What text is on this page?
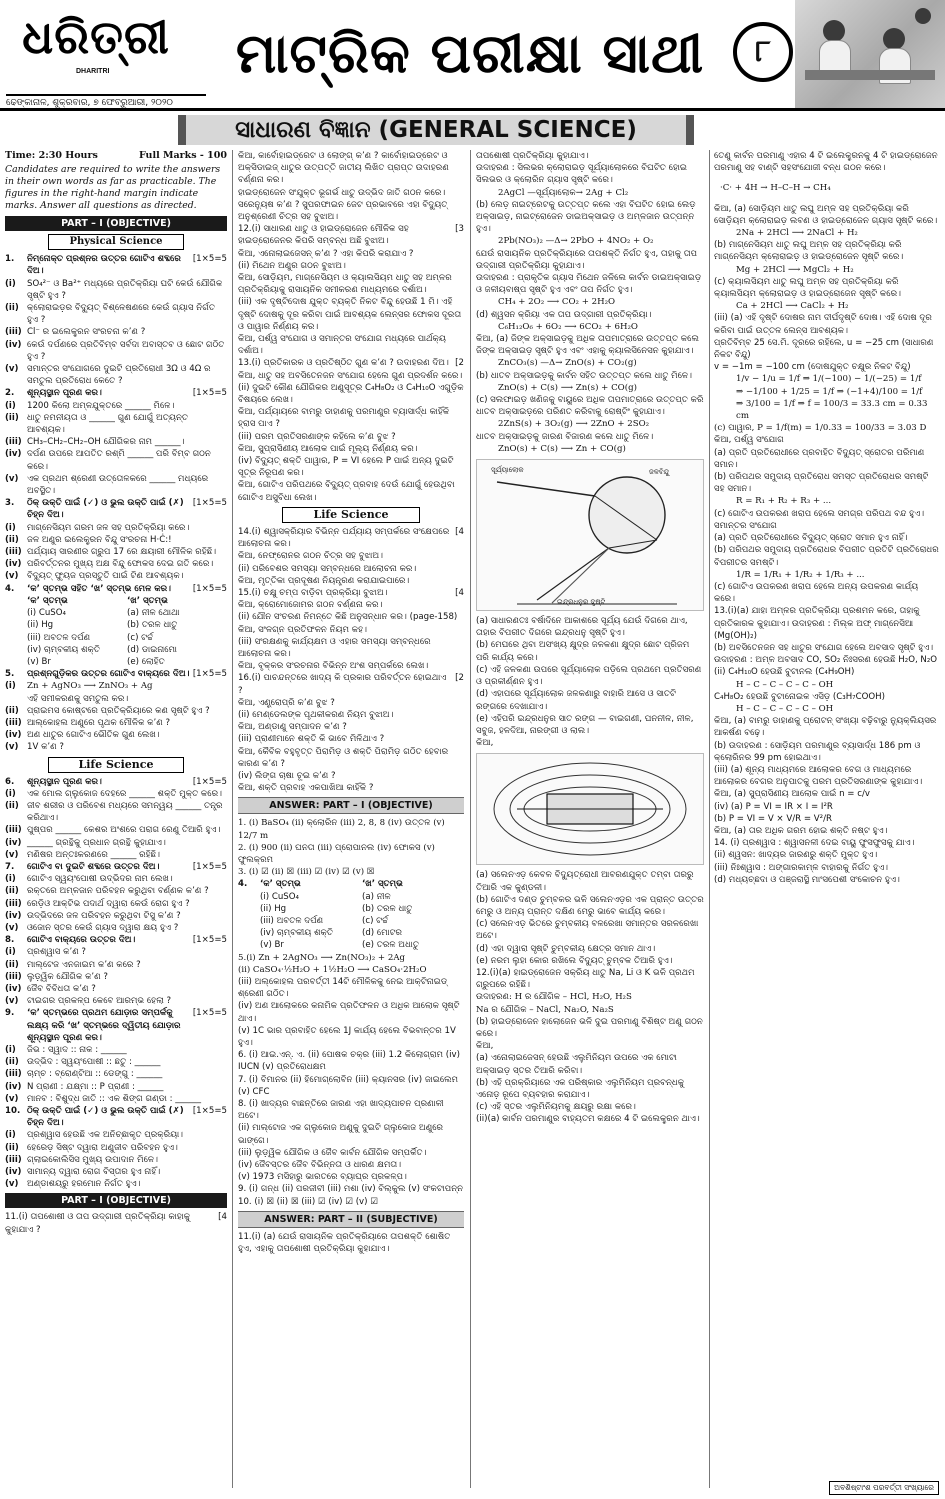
ଧରିତ୍ରୀ
DHARITRI
ଢେଙ୍କାନାଳ, ଶୁକ୍ରବାର, ୭ ଫେବ୍ରୁଆରୀ, ୨୦୨୦
ମାଟ୍ରିକ ପରୀକ୍ଷା ସାଥୀ	୮
ସାଧାରଣ ବିଜ୍ଞାନ (GENERAL SCIENCE)
Time: 2:30 Hours	Full Marks - 100
Candidates are required to write the answers in their own words as far as practicable. The figures in the right-hand margin indicate marks. Answer all questions as directed.
PART – I (OBJECTIVE)
Physical Science
1.	ନିମ୍ନୋକ୍ତ ପ୍ରଶ୍ନର ଉତ୍ତର ଗୋଟିଏ ଶବ୍ଦରେ ଦିଅ।
[1×5=5
(i)	SO₄²⁻ ଓ Ba²⁺ ମଧ୍ୟରେ ପ୍ରତିକ୍ରିୟା ଘଟି କେଉଁ ଯୌଗିକ ସୃଷ୍ଟି ହୁଏ ?
(ii) କ୍ଲୋରାଇଡ଼ର ବିଦ୍ୟୁତ୍ ବିଶ୍ଳେଷଣରେ କେଉଁ ଗ୍ୟାସ ନିର୍ଗତ ହୁଏ ?
(iii) Cl⁻ ର ଇଲେକ୍ଟ୍ରନ ସଂରଚନା କ’ଣ ?
(iv) କେଉଁ ଦର୍ପଣରେ ପ୍ରତିବିମ୍ବ ସର୍ବଦା ଅବାସ୍ତବ ଓ ଛୋଟ ଗଠିତ ହୁଏ ?
(v) ସମାନ୍ତର ସଂଯୋଗରେ ଦୁଇଟି ପ୍ରତିରୋଧୀ 3Ω ଓ 4Ω ର ସମତୁଲ ପ୍ରତିରୋଧ କେତେ ?
2.	ଶୂନ୍ୟସ୍ଥାନ ପୂରଣ କର।	[1×5=5
(i)	1200 କିଲୋ ଅମ୍ଳଯୁକ୍ତରେ ______ ମିଳେ।
(ii) ଧାତୁ ନମନୀୟତା ଓ ______ ଗୁଣ ଯୋଗୁଁ ଅତ୍ୟନ୍ତ ଆବଶ୍ୟକ।
(iii) CH₃–CH₂–CH₂–OH ଯୌଗିକର ନାମ ______।
(iv) ଦର୍ପଣ ଉପରେ ଆପତିତ ରଶ୍ମି ______ ପରି ବିମ୍ବ ଗଠନ କରେ।
(v) ଏକ ପ୍ରଥମ ଶ୍ରେଣୀ ଉତ୍ତୋଳକରେ ______ ମଧ୍ୟରେ ଅବସ୍ଥିତ।
3.	ଠିକ୍ ଉକ୍ତି ପାଇଁ (✓) ଓ ଭୁଲ ଉକ୍ତି ପାଇଁ (✗) ଚିହ୍ନ ଦିଅ।
[1×5=5
(i)	ମାଗ୍ନେସିୟମ ଗରମ ଜଳ ସହ ପ୍ରତିକ୍ରିୟା କରେ।
(ii) ଜଳ ଅଣୁର ଇଲେକ୍ଟ୍ରନ ବିନ୍ଦୁ ସଂରଚନା H·Ċ:!
(iii) ପର୍ଯ୍ୟାୟ ସାରଣୀର ଗ୍ରୁପ 17 ରେ କ୍ଷୟାରୀ ମୌଳିକ ରହିଛି।
(iv) ପରିବର୍ତ୍ତନର ମୁଖ୍ୟ ଅକ୍ଷ ବିନ୍ଦୁ ଫୋକସ ଦେଇ ଗତି କରେ।
(v) ବିଦ୍ୟୁତ୍ ଫ୍ୟୁଜ ପ୍ରସ୍ତୁତି ପାଇଁ ଟିଣ ଆବଶ୍ୟକ।
4.	‘କ’ ସ୍ତମ୍ଭ ସହିତ ‘ଖ’ ସ୍ତମ୍ଭ ମେଳ କର।	[1×5=5
‘କ’ ସ୍ତମ୍ଭ	‘ଖ’ ସ୍ତମ୍ଭ
(i) CuSO₄	(a) ନୀଳ ଥୋଥା
(ii) Hg	(b) ତରଳ ଧାତୁ
(iii) ଅବତଳ ଦର୍ପଣ	(c) ଟର୍ଚ୍ଚ
(iv) ଚାମ୍ବକୀୟ ଶକ୍ତି	(d) ଡାଇନାମୋ
(v) Br	(e) ଲୋହିତ
5.	ପ୍ରଶ୍ନଗୁଡ଼ିକର ଉତ୍ତର ଗୋଟିଏ ବାକ୍ୟରେ ଦିଅ। [1×5=5
(i)	Zn + AgNO₃ ⟶ ZnNO₃ + Ag
ଏହି ସମୀକରଣକୁ ସମତୁଲ କର।
(ii) ପ୍ରାଇମସ କୋଷ୍ଟରେ ପ୍ରତିକ୍ରିୟାରେ କଣ ସୃଷ୍ଟି ହୁଏ ?
(iii) ଆଲ୍‌କୋହଲ ଅଣୁରେ ପୃଥକ ମୌଳିକ କ’ଣ ?
(iv) ଅଣ ଧାତୁର ଗୋଟିଏ ଭୌତିକ ଗୁଣ ଲେଖ।
(v) 1V କ’ଣ ?
Life Science
6.	ଶୂନ୍ୟସ୍ଥାନ ପୂରଣ କର।	[1×5=5
(i)	ଏକ ମୋଲ ଗ୍ଲୁକୋଜ ଦେହରେ ______ ଶକ୍ତି ମୁକ୍ତ କରେ।
(ii) ଜୀବ ଶରୀର ଓ ପରିବେଶ ମଧ୍ୟରେ ସମନ୍ୱୟ ______ ତନ୍ତ୍ର କରିଥାଏ।
(iii) ପୁଷ୍ପର ______ କେଶର ଅଂଶରେ ପରାଗ ରେଣୁ ତିଆରି ହୁଏ।
(iv) ______ ଗ୍ରନ୍ଥିକୁ ପ୍ରଧାନ ଗ୍ରନ୍ଥି କୁହାଯାଏ।
(v) ମଣିଷର ଅନ୍ତଃକରଣରେ ______ ରହିଛି।
7.	ଗୋଟିଏ ବା ଦୁଇଟି ଶବ୍ଦରେ ଉତ୍ତର ଦିଅ।	[1×5=5
(i)	ଗୋଟିଏ ସ୍ୱୟଂପୋଷୀ ଉଦ୍ଭିଦର ନାମ ଲେଖ।
(ii) ରକ୍ତରେ ଅମ୍ଳଜାନ ପରିବହନ କରୁଥିବା ବର୍ଣ୍ଣକ କ’ଣ ?
(iii) ରେଡ଼ିଓ ଆକ୍ଟିଭ ପଦାର୍ଥ ଦ୍ୱାରା କେଉଁ ରୋଗ ହୁଏ ?
(iv) ଉଦ୍ଭିଦରେ ଜଳ ପରିବହନ କରୁଥିବା ଟିସୁ କ’ଣ ?
(v) ଓଜୋନ ସ୍ତର କେଉଁ ଗ୍ୟାସ ଦ୍ୱାରା କ୍ଷୟ ହୁଏ ?
8.	ଗୋଟିଏ ବାକ୍ୟରେ ଉତ୍ତର ଦିଅ।	[1×5=5
(i)	ପ୍ରଶ୍ୱାସ କ’ଣ ?
(ii) ମାଲ୍ଟେଜ ଏନଜାଇମ କ’ଣ କରେ ?
(iii) ଲୁଡ଼୍ୱିକ ଯୌଗିକ କ’ଣ ?
(iv) ଜୈବ ବିବିଧତା କ’ଣ ?
(v) ଟାଇଗର ପ୍ରକଳ୍ପ କେବେ ଆରମ୍ଭ ହେଲା ?
9.	‘କ’ ସ୍ତମ୍ଭରେ ପ୍ରଥମ ଯୋଡ଼ାର ସମ୍ପର୍କକୁ ଲକ୍ଷ୍ୟ କରି ‘ଖ’ ସ୍ତମ୍ଭରେ ଦ୍ୱିତୀୟ ଯୋଡ଼ାର ଶୂନ୍ୟସ୍ଥାନ ପୂରଣ କର।
[1×5=5
(i)	ଜିଭ : ସ୍ୱାଦ :: ନାକ : ______
(ii) ଉଦ୍ଭିଦ : ସ୍ୱୟଂପୋଷୀ :: ଛତୁ : ______
(iii) ଚାମ୍‌ଚ : ବ୍ରୋଣ୍ଟିଆ :: ଡେଙ୍ଗୁ : ______
(iv) N ପ୍ରାଣୀ : ଯକ୍ଷ୍ମା :: P ପ୍ରାଣୀ : ______
(v) ମାନବ : ବିଶୁଦ୍ଧ ଜାତି :: ଏକ ଶିଙ୍ଗ ଗଣ୍ଡା : ______
10. ଠିକ୍ ଉକ୍ତି ପାଇଁ (✓) ଓ ଭୁଲ ଉକ୍ତି ପାଇଁ (✗) ଚିହ୍ନ ଦିଅ।
[1×5=5
(i)	ପ୍ରଶ୍ୱାସ ହେଉଛି ଏକ ଅନିଚ୍ଛାକୃତ ପ୍ରକ୍ରିୟା।
(ii) ହେରେଡ଼ ସିଷ୍ଟ ଦ୍ୱାରା ଅଣୁଜୀବ ପରିବହନ ହୁଏ।
(iii) ଗ୍ଲାଇକୋଲିସିସ ମୁଖ୍ୟ ଉପାଦାନ ମିଳେ।
(iv) ସାମାନ୍ୟ ଦ୍ୱାରା ରୋଗ ବିସ୍ତାର ହୁଏ ନାହିଁ।
(v) ଅଣ୍ଡାଶୟରୁ ହରମୋନ ନିର୍ଗତ ହୁଏ।
PART – I (OBJECTIVE)
11.(i) ତାପଶୋଷୀ ଓ ତାପ ଉଦ୍‌ଗାରୀ ପ୍ରତିକ୍ରିୟା କାହାକୁ କୁହାଯାଏ ?
[4
କିଆ, କାର୍ବୋହାଇଡ୍ରେଟ ଓ ଲୋଙ୍ଗ୍ କ’ଣ ? କାର୍ବୋହାଇଡ୍ରେଟ ଓ ଅକ୍ସିଡାଇଜ୍ ଧାତୁର ଉତ୍ପତ୍ତି ଜାତୀୟ ଲିଖିତ ପ୍ରାପ୍ତ ଉଦାହରଣ ବର୍ଣ୍ଣନା କର।
ହାଇଡ୍ରୋଜେନ ସଂଯୁକ୍ତ ଭୂଗର୍ଭ ଧାତୁ ଉଦ୍ଭିଦ ଜାତି ଗଠନ କରେ।
ସରେନ୍ୟୁଷ କ’ଣ ? ସୁପରଫାଇନ ଜେଟ ପ୍ରଭାବରେ ଏହା ବିଦ୍ୟୁତ୍ ଅନୁଶ୍ରେଣୀ ଚିତ୍ର ସହ ବୁଝାଅ।
12.(i) ସାଧାରଣ ଧାତୁ ଓ ହାଇଡ୍ରୋଜେନ ମୌଳିକ ସହ ହାଇଡ୍ରୋଜେନର କିପରି ସମ୍ବନ୍ଧ ଅଛି ବୁଝାଅ।
[3
କିଆ, ଏନୋଲାଇଜେସନ୍ କ’ଣ ? ଏହା କିପରି କରାଯାଏ ?
(ii) ମିଥେନ ଅଣୁର ଗଠନ ବୁଝାଅ।
କିଆ, ସୋଡ଼ିୟମ, ମାଗ୍ନେସିୟମ ଓ କ୍ୟାଲସିୟମ ଧାତୁ ସହ ଅମ୍ଳର ପ୍ରତିକ୍ରିୟାକୁ ରାସାୟନିକ ସମୀକରଣ ମାଧ୍ୟମରେ ଦର୍ଶାଅ।
(iii) ଏକ ଦୃଷ୍ଟିଦୋଷ ଯୁକ୍ତ ବ୍ୟକ୍ତି ନିକଟ ବିନ୍ଦୁ ହେଉଛି 1 ମି। ଏହି ଦୃଷ୍ଟି ଦୋଷକୁ ଦୂର କରିବା ପାଇଁ ଆବଶ୍ୟକ ଲେନ୍ସର ଫୋକସ ଦୂରତା ଓ ପାୱାର ନିର୍ଣ୍ଣୟ କର।
କିଆ, ପର୍ଶ୍ୱ ସଂଯୋଗ ଓ ସମାନ୍ତର ସଂଯୋଗ ମଧ୍ୟରେ ପାର୍ଥକ୍ୟ ଦର୍ଶାଅ।
13.(i) ପ୍ରତିକାରକ ଓ ପ୍ରତିଷ୍ଠିତ ଗୁଣ କ’ଣ ? ଉଦାହରଣ ଦିଅ। [2
କିଆ, ଧାତୁ ସହ ଅବସିତେନଜନ ସଂଯୋଗ ହେଲେ ଗୁଣ ପ୍ରଦର୍ଶନ କରେ।
(ii) ଦୁଇଟି କୌଣ ଯୌଗିକର ଅଣୁସୂତ୍ର C₄H₈O₂ ଓ C₄H₁₀O ଏଗୁଡ଼ିକ ବିଷୟରେ ଲେଖ।
କିଆ, ପର୍ଯ୍ୟାୟରେ ବାମରୁ ଡାହାଣକୁ ପରମାଣୁର ବ୍ୟାସାର୍ଦ୍ଧ କାହିଁକି ହ୍ରାସ ପାଏ ?
(iii) ପରମ ପ୍ରତିସରଣାଙ୍କ କହିଲେ କ’ଣ ବୁଝ ?
କିଆ, ସୁପ୍ରାସିଣୀୟ ଆଲୋକ ପାଇଁ ମୂଲ୍ୟ ନିର୍ଣ୍ଣୟ କର।
(iv) ବିଦ୍ୟୁତ୍ ଶକ୍ତି ପାୱାର, P = VI ହେଲେ P ପାଇଁ ଅନ୍ୟ ଦୁଇଟି ସୂତ୍ର ନିରୂପଣ କର।
କିଆ, ଗୋଟିଏ ପରିପଥରେ ବିଦ୍ୟୁତ୍ ପ୍ରବାହ ଦେଉଁ ଯୋଗୁଁ ହେଉଥିବା ଗୋଟିଏ ଅସୁବିଧା ଲେଖ।
Life Science
14.(i) ଶ୍ୱାସକ୍ରିୟାର ବିଭିନ୍ନ ପର୍ଯ୍ୟାୟ ସମ୍ପର୍କରେ ସଂକ୍ଷେପରେ ଆଲୋଚନା କର।
[4
କିଆ, ନେଫ୍ରୋନର ଗଠନ ଚିତ୍ର ସହ ବୁଝାଅ।
(ii) ପରିବେଶର ସମସ୍ୟା ସମ୍ବନ୍ଧରେ ଆଲୋଚନା କର।
କିଆ, ମୃତ୍ତିକା ପ୍ରଦୂଷଣ ନିୟନ୍ତ୍ରଣ କରାଯାଇପାରେ।
15.(i) ଚକ୍ଷୁ ଚମ୍‌ପ ବାଡ଼ିବା ପ୍ରକ୍ରିୟା ବୁଝାଅ।	[4
କିଆ, କ୍ରୋମୋଜୋମର ଗଠନ ବର୍ଣ୍ଣନା କର।
(ii) ଯୌନ ସଂଚରଣ ନିମନ୍ତେ କିଛି ଅନୁସନ୍ଧାନ କର। (page-158)
କିଆ, ସଂଳଗ୍ନ ପ୍ରତିଫଳନ ନିୟମ କହ।
(iii) ସଂରକ୍ଷଣକୁ କାର୍ଯ୍ୟକ୍ଷମ ଓ ଏହାର ସମସ୍ୟା ସମ୍ବନ୍ଧରେ ଆଲୋଚନା କର।
କିଆ, ବୃକ୍କର ସଂରଚନାର ବିଭିନ୍ନ ଅଂଶ ସମ୍ପର୍କରେ ଲେଖ।
16.(i) ପାଚନ୍ଦନ୍ତରେ ଖାଦ୍ୟ କି ପ୍ରକାର ପରିବର୍ତ୍ତନ ହୋଇଥାଏ ?
[2
କିଆ, ଏଣ୍ଟ୍ରୋପ୍ରି କ’ଣ ବୁଝ ?
(ii) ମେଣ୍ଡେଲଙ୍କ ପୃଥକୀକରଣ ନିୟମ ବୁଝାଅ।
କିଆ, ଅଣ୍ଡାଣୁ ସମ୍ପାଦନ କ’ଣ ?
(iii) ପ୍ରାଣୀମାନେ ଶକ୍ତି କି ଭାବେ ମିଳିଥାଏ ?
କିଆ, କୈବିକ ବହୁବୃତ୍ତ ପିରାମିଡ଼ ଓ ଶକ୍ତି ପିରାମିଡ଼ ଗଠିତ ହେବାର କାରଣ କ’ଣ ?
(iv) ଲିଙ୍ଗ ଚାଷା ଚୂଇ କ’ଣ ?
କିଆ, ଶକ୍ତି ପ୍ରବାହ ଏକପାଖିଆ କାହିଁକି ?
ANSWER: PART – I (OBJECTIVE)
1. (i) BaSO₄ (ii) କ୍ଲୋରିନ (iii) 2, 8, 8 (iv) ଉତ୍ତଳ (v) 12/7 m
2. (i) 900 (ii) ଘନତା (iii) ପ୍ରୋପାନଲ (iv) ଫୋକସ (v) ଫୁଲକ୍ରମ
3. (i) ☑ (ii) ☒ (iii) ☑ (iv) ☑ (v) ☒
4.	‘କ’ ସ୍ତମ୍ଭ	‘ଖ’ ସ୍ତମ୍ଭ
(i) CuSO₄	(a) ନୀଳ
(ii) Hg	(b) ତରଳ ଧାତୁ
(iii) ଅବତଳ ଦର୍ପଣ	(c) ଟର୍ଚ୍ଚ
(iv) ଚାମ୍ବକୀୟ ଶକ୍ତି	(d) ମୋଟର
(v) Br	(e) ତରଳ ଅଧାତୁ
5.(i) Zn + 2AgNO₃ ⟶ Zn(NO₃)₂ + 2Ag
(ii) CaSO₄·½H₂O + 1½H₂O ⟶ CaSO₄·2H₂O
(iii) ଅଲ୍‌କୋହଲ ପରବର୍ତ୍ତୀ 14ଟି ମୌଳିକକୁ ନେଇ ଆକ୍ଟିନାଇଡ୍ ଶ୍ରେଣୀ ଗଠିତ।
(iv) ଅଣ ଆଲୋକରେ କନାମିକ ପ୍ରତିଫଳନ ଓ ଅଧିକ ଆଲୋକ ସୃଷ୍ଟି ଥାଏ।
(v) 1C ଭାର ପ୍ରବାହିତ ହେଲେ 1J କାର୍ଯ୍ୟ ହେଲେ ବିଭବାନ୍ତର 1V ହୁଏ।
6. (i) ଆଇ.ଏନ୍. ଏ. (ii) ପୋଷକ ଚକ୍ର (iii) 1.2 କିଲୋଗ୍ରାମ (iv) IUCN (v) ପ୍ରତିରୋଧକ୍ଷମ
7. (i) ବିମାନର (ii) ହିମୋଗ୍ଲୋବିନ (iii) କ୍ୟାନସର (iv) ଜାଇଲେମ (v) CFC
8. (i) ଖାଦ୍ୟର ବାଛନ୍ତିରେ ଜାରଣ ଏହା ଖାଦ୍ୟପାଚନ ପ୍ରଣାଳୀ ଅଟେ।
(ii) ମାଲ୍ଟୋଜ ଏକ ଗ୍ଲୁକୋଜ ଅଣୁକୁ ଦୁଇଟି ଗ୍ଲୁକୋଜ ଅଣୁରେ ଭାଙ୍ଗେ।
(iii) ଲୁଡ଼୍ୱିକ ଯୌଗିକ ଓ ଜୈବ କାର୍ବନ ଯୌଗିକ ସମ୍ପର୍କିତ।
(iv) ଜୈବସ୍ତର ଜୈବ ବିଭିନ୍ନତା ଓ ଧାରଣ କ୍ଷମତା।
(v) 1973 ମସିହାରୁ ଭାରତରେ ବ୍ୟାଘ୍ର ପ୍ରକଳ୍ପ।
9. (i) ଗନ୍ଧ (ii) ପରଜୀବୀ (iii) ମଶା (iv) ବିଲ୍‌କୁଲ (v) ସଂକଟାପନ୍ନ
10. (i) ☒ (ii) ☒ (iii) ☑ (iv) ☑ (v) ☑
ANSWER: PART – II (SUBJECTIVE)
11.(i) (a) ଯେଉଁ ରାସାୟନିକ ପ୍ରତିକ୍ରିୟାରେ ତାପଶକ୍ତି ଶୋଷିତ ହୁଏ, ଏହାକୁ ତାପଶୋଷୀ ପ୍ରତିକ୍ରିୟା କୁହାଯାଏ।
ତାପଶୋଷୀ ପ୍ରତିକ୍ରିୟା କୁହାଯାଏ।
ଉଦାହରଣ : ସିଲଭର କ୍ଲୋରାଇଡ଼ ସୂର୍ଯ୍ୟାଲୋକରେ ବିଘଟିତ ହୋଇ ସିଲଭର ଓ କ୍ଲୋରିନ ଗ୍ୟାସ ସୃଷ୍ଟି କରେ।
2AgCl —ସୂର୍ଯ୍ୟାଲୋକ→ 2Ag + Cl₂
(b) ଲେଡ଼ ନାଇଟ୍ରେଟକୁ ଉତ୍ତପ୍ତ କଲେ ଏହା ବିଘଟିତ ହୋଇ ଲେଡ଼ ଅକ୍ସାଇଡ଼, ନାଇଟ୍ରୋଜେନ ଡାଇଅକ୍ସାଇଡ଼ ଓ ଅମ୍ଳଜାନ ଉତ୍ପନ୍ନ ହୁଏ।
2Pb(NO₃)₂ —Δ→ 2PbO + 4NO₂ + O₂
ଯେଉଁ ରାସାୟନିକ ପ୍ରତିକ୍ରିୟାରେ ତାପଶକ୍ତି ନିର୍ଗତ ହୁଏ, ତାହାକୁ ତାପ ଉଦ୍‌ଗାରୀ ପ୍ରତିକ୍ରିୟା କୁହାଯାଏ।
ଉଦାହରଣ : ପ୍ରାକୃତିକ ଗ୍ୟାସ ମିଥେନ ଜଳିଲେ କାର୍ବନ ଡାଇଅକ୍ସାଇଡ଼ ଓ ଜଳୀୟବାଷ୍ପ ସୃଷ୍ଟି ହୁଏ ଏବଂ ତାପ ନିର୍ଗତ ହୁଏ।
CH₄ + 2O₂ ⟶ CO₂ + 2H₂O
(d) ଶ୍ୱସନ କ୍ରିୟା ଏକ ତାପ ଉଦ୍‌ଗାରୀ ପ୍ରତିକ୍ରିୟା।
C₆H₁₂O₆ + 6O₂ ⟶ 6CO₂ + 6H₂O
କିଆ, (a) ଜିଙ୍କ ଅକ୍ସାଇଡ଼କୁ ଅଧିକ ତାପମାତ୍ରାରେ ଉତ୍ତପ୍ତ କଲେ ଜିଙ୍କ ଅକ୍ସାଇଡ଼ ସୃଷ୍ଟି ହୁଏ ଏବଂ ଏହାକୁ କ୍ୟାଲସିନେସନ କୁହାଯାଏ।
ZnCO₃(s) —Δ→ ZnO(s) + CO₂(g)
(b) ଧାତବ ଅକ୍ସାଇଡ଼କୁ କାର୍ବନ ସହିତ ଉତ୍ତପ୍ତ କଲେ ଧାତୁ ମିଳେ।
ZnO(s) + C(s) ⟶ Zn(s) + CO(g)
(c) ସଲଫାଇଡ଼ ଖଣିଜକୁ ବାୟୁରେ ଅଧିକ ତାପମାତ୍ରାରେ ଉତ୍ତପ୍ତ କରି ଧାତବ ଅକ୍ସାଇଡ଼ରେ ପରିଣତ କରିବାକୁ ରୋଷ୍ଟିଂ କୁହାଯାଏ।
2ZnS(s) + 3O₂(g) ⟶ 2ZnO + 2SO₂
ଧାତବ ଅକ୍ସାଇଡ଼କୁ ଜାରଣ ବିଜାରଣ କଲେ ଧାତୁ ମିଳେ।
ZnO(s) + C(s) ⟶ Zn + CO(g)
ସୂର୍ଯ୍ୟାଲୋକ	ଜଳବିନ୍ଦୁ
ଇନ୍ଦ୍ରଧନୁର ଦୃଷ୍ଟି
(a) ସାଧାରଣତଃ ବର୍ଷାଦିନେ ଆକାଶରେ ସୂର୍ଯ୍ୟ ଯେଉଁ ଦିଗରେ ଥାଏ, ତାହାର ବିପରୀତ ଦିଗରେ ଇନ୍ଦ୍ରଧନୁ ସୃଷ୍ଟି ହୁଏ।
(b) ମେଘରେ ଥିବା ଅସଂଖ୍ୟ କ୍ଷୁଦ୍ର ଜଳକଣା କ୍ଷୁଦ୍ର ଛୋଟ ପ୍ରିଜମ ପରି କାର୍ଯ୍ୟ କରେ।
(c) ଏହି ଜଳକଣା ଉପରେ ସୂର୍ଯ୍ୟାଲୋକ ପଡ଼ିଲେ ପ୍ରଥମେ ପ୍ରତିସରଣ ଓ ପ୍ରକୀର୍ଣ୍ଣନ ହୁଏ।
(d) ଏହାପରେ ସୂର୍ଯ୍ୟାଲୋକ ଜଳକଣାରୁ ବାହାରି ଆସେ ଓ ସାତଟି ରଙ୍ଗରେ ଦେଖାଯାଏ।
(e) ଏହିପରି ଇନ୍ଦ୍ରଧନୁର ସାତ ରଙ୍ଗ — ବାଇଗଣୀ, ଘନନୀଳ, ନୀଳ, ସବୁଜ, ହଳଦିଆ, ନାରଙ୍ଗୀ ଓ ଲାଲ।
କିଆ,
(a) ସଲେନଏଡ଼ କେବଳ ବିଦ୍ୟୁତ୍‌ରୋଧୀ ଆବରଣଯୁକ୍ତ ତମ୍ବା ତାରରୁ ତିଆରି ଏକ କୁଣ୍ଡଳୀ।
(b) ଗୋଟିଏ ଦଣ୍ଡ ଚୁମ୍ବକର ଭଳି ସଲେନଏଡ଼ର ଏକ ପ୍ରାନ୍ତ ଉତ୍ତର ମେରୁ ଓ ଅନ୍ୟ ପ୍ରାନ୍ତ ଦକ୍ଷିଣ ମେରୁ ଭାବେ କାର୍ଯ୍ୟ କରେ।
(c) ସଲେନଏଡ଼ ଭିତରେ ଚୁମ୍ବକୀୟ ବଳରେଖା ସମାନ୍ତର ସରଳରେଖା ଅଟେ।
(d) ଏହା ଦ୍ୱାରା ସୃଷ୍ଟି ଚୁମ୍ବକୀୟ କ୍ଷେତ୍ର ସମାନ ଥାଏ।
(e) ନରମ ଲୁହା କୋର ରଖିଲେ ବିଦ୍ୟୁତ୍ ଚୁମ୍ବକ ତିଆରି ହୁଏ।
12.(i)(a) ହାଇଡ୍ରୋଜେନ ସକ୍ରିୟ ଧାତୁ Na, Li ଓ K ଭଳି ପ୍ରଥମ ଗ୍ରୁପରେ ରହିଛି।
ଉଦାହରଣ: H ର ଯୌଗିକ – HCl, H₂O, H₂S
Na ର ଯୌଗିକ – NaCl, Na₂O, Na₂S
(b) ହାଇଡ୍ରୋଜେନ ହାଲୋଜେନ ଭଳି ଦୁଇ ପରମାଣୁ ବିଶିଷ୍ଟ ଅଣୁ ଗଠନ କରେ।
କିଆ,
(a) ଏନୋଲାଇଜେସନ୍ ହେଉଛି ଏଲୁମିନିୟମ ଉପରେ ଏକ ମୋଟା ଅକ୍ସାଇଡ଼ ସ୍ତର ତିଆରି କରିବା।
(b) ଏହି ପ୍ରକ୍ରିୟାରେ ଏକ ପରିଷ୍କାର ଏଲୁମିନିୟମ ପ୍ରବନ୍ଧକୁ ଏନୋଡ଼ ରୂପେ ବ୍ୟବହାର କରାଯାଏ।
(c) ଏହି ସ୍ତର ଏଲୁମିନିୟମକୁ କ୍ଷୟରୁ ରକ୍ଷା କରେ।
(ii)(a) କାର୍ବନ ପରମାଣୁର ବାହ୍ୟତମ କକ୍ଷରେ 4 ଟି ଇଲେକ୍ଟ୍ରନ ଥାଏ।
ତେଣୁ କାର୍ବନ ପରମାଣୁ ଏହାର 4 ଟି ଇଲେକ୍ଟ୍ରନକୁ 4 ଟି ହାଇଡ୍ରୋଜେନ ପରମାଣୁ ସହ ବାଣ୍ଟି ସହସଂଯୋଜୀ ବନ୍ଧ ଗଠନ କରେ।
·C· + 4H → H–C–H → CH₄
କିଆ, (a) ସୋଡ଼ିୟମ ଧାତୁ ଲଘୁ ଅମ୍ଳ ସହ ପ୍ରତିକ୍ରିୟା କରି ସୋଡ଼ିୟମ କ୍ଲୋରାଇଡ଼ ଲବଣ ଓ ହାଇଡ୍ରୋଜେନ ଗ୍ୟାସ ସୃଷ୍ଟି କରେ।
2Na + 2HCl ⟶ 2NaCl + H₂
(b) ମାଗ୍ନେସିୟମ ଧାତୁ ଲଘୁ ଅମ୍ଳ ସହ ପ୍ରତିକ୍ରିୟା କରି ମାଗ୍ନେସିୟମ କ୍ଲୋରାଇଡ଼ ଓ ହାଇଡ୍ରୋଜେନ ସୃଷ୍ଟି କରେ।
Mg + 2HCl ⟶ MgCl₂ + H₂
(c) କ୍ୟାଲସିୟମ ଧାତୁ ଲଘୁ ଅମ୍ଳ ସହ ପ୍ରତିକ୍ରିୟା କରି କ୍ୟାଲସିୟମ କ୍ଲୋରାଇଡ଼ ଓ ହାଇଡ୍ରୋଜେନ ସୃଷ୍ଟି କରେ।
Ca + 2HCl ⟶ CaCl₂ + H₂
(iii) (a) ଏହି ଦୃଷ୍ଟି ଦୋଷର ନାମ ଦୀର୍ଘଦୃଷ୍ଟି ଦୋଷ। ଏହି ଦୋଷ ଦୂର କରିବା ପାଇଁ ଉତ୍ତଳ ଲେନ୍ସ ଆବଶ୍ୟକ।
ପ୍ରତିବିମ୍ବ 25 ସେ.ମି. ଦୂରରେ ରହିଲେ, u = −25 cm (ସାଧାରଣ ନିକଟ ବିନ୍ଦୁ)
v = −1m = −100 cm (ଦୋଷଯୁକ୍ତ ଚକ୍ଷୁର ନିକଟ ବିନ୍ଦୁ)
1/v − 1/u = 1/f ⇒ 1/(−100) − 1/(−25) = 1/f
⇒ −1/100 + 1/25 = 1/f ⇒ (−1+4)/100 = 1/f
⇒ 3/100 = 1/f ⇒ f = 100/3 = 33.3 cm = 0.33 cm
(c) ପାୱାର, P = 1/f(m) = 1/0.33 = 100/33 = 3.03 D
କିଆ, ପର୍ଶ୍ୱ ସଂଯୋଗ
(a) ପ୍ରତି ପ୍ରତିରୋଧୀରେ ପ୍ରବାହିତ ବିଦ୍ୟୁତ୍ ସ୍ରୋତର ପରିମାଣ ସମାନ।
(b) ପରିପଥର ସମୁଦାୟ ପ୍ରତିରୋଧ ସମସ୍ତ ପ୍ରତିରୋଧର ସମଷ୍ଟି ସହ ସମାନ।
R = R₁ + R₂ + R₃ + ...
(c) ଗୋଟିଏ ଉପକରଣ ଖରାପ ହେଲେ ସମଗ୍ର ପରିପଥ ବନ୍ଦ ହୁଏ।
ସମାନ୍ତର ସଂଯୋଗ
(a) ପ୍ରତି ପ୍ରତିରୋଧୀରେ ବିଦ୍ୟୁତ୍ ସ୍ରୋତ ସମାନ ହୁଏ ନାହିଁ।
(b) ପରିପଥର ସମୁଦାୟ ପ୍ରତିରୋଧର ବିପରୀତ ପ୍ରତିଟି ପ୍ରତିରୋଧର ବିପରୀତର ସମଷ୍ଟି।
1/R = 1/R₁ + 1/R₂ + 1/R₃ + ...
(c) ଗୋଟିଏ ଉପକରଣ ଖରାପ ହେଲେ ଅନ୍ୟ ଉପକରଣ କାର୍ଯ୍ୟ କରେ।
13.(i)(a) ଯାହା ଅମ୍ଳର ପ୍ରତିକ୍ରିୟା ପ୍ରଶମନ କରେ, ତାହାକୁ ପ୍ରତିକାରକ କୁହାଯାଏ। ଉଦାହରଣ : ମିଲ୍କ ଅଫ୍ ମାଗ୍ନେସିଆ (Mg(OH)₂)
(b) ଅବସିତେନଜନ ସହ ଧାତୁର ସଂଯୋଗ ହେଲେ ଅବସାଦ ସୃଷ୍ଟି ହୁଏ।
ଉଦାହରଣ : ଅମ୍ଳ ଅବସାଦ CO, SO₂ ନିଃସରଣ ହେଉଛି H₂O, N₂O
(ii) C₄H₁₀O ହେଉଛି ବୁଟାନଲ (C₄H₉OH)
H – C – C – C – C – OH
C₄H₈O₂ ହେଉଛି ବୁଟାନୋଇକ ଏସିଡ଼ (C₃H₇COOH)
H – C – C – C – C – OH
କିଆ, (a) ବାମରୁ ଡାହାଣକୁ ପ୍ରୋଟନ୍ ସଂଖ୍ୟା ବଢ଼ିବାରୁ ନ୍ୟୁକ୍ଲିୟସର ଆକର୍ଷଣ ବଢ଼େ।
(b) ଉଦାହରଣ : ସୋଡ଼ିୟମ ପରମାଣୁର ବ୍ୟାସାର୍ଦ୍ଧ 186 pm ଓ କ୍ଲୋରିନର 99 pm ହୋଇଥାଏ।
(iii) (a) ଶୂନ୍ୟ ମାଧ୍ୟମରେ ଆଲୋକର ବେଗ ଓ ମାଧ୍ୟମରେ ଆଲୋକର ବେଗର ଅନୁପାତକୁ ପରମ ପ୍ରତିସରଣାଙ୍କ କୁହାଯାଏ।
କିଆ, (a) ସୁପ୍ରାସିଣୀୟ ଆଲୋକ ପାଇଁ n = c/v
(iv) (a) P = VI = IR × I = I²R
(b) P = VI = V × V/R = V²/R
କିଆ, (a) ତାର ଅଧିକ ଗରମ ହୋଇ ଶକ୍ତି ନଷ୍ଟ ହୁଏ।
14. (i) ପ୍ରଶ୍ୱାସ : ଶ୍ୱାସନଳୀ ଦେଇ ବାୟୁ ଫୁସଫୁସକୁ ଯାଏ।
(ii) ଶ୍ୱସନ: ଖାଦ୍ୟର ଜାରଣରୁ ଶକ୍ତି ମୁକ୍ତ ହୁଏ।
(iii) ନିଃଶ୍ୱାସ : ଅଙ୍ଗାରକାମ୍ଳ ବାହାରକୁ ନିର୍ଗତ ହୁଏ।
(d) ମଧ୍ୟଚ୍ଛଦା ଓ ପଞ୍ଜରାସ୍ଥି ମାଂସପେଶୀ ସଂକୋଚନ ହୁଏ।
ଅବଶିଷ୍ଟାଂଶ ପରବର୍ତ୍ତୀ ସଂଖ୍ୟାରେ
